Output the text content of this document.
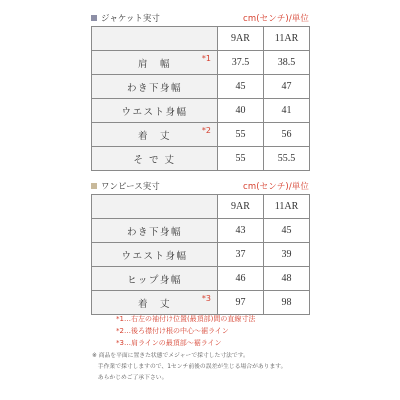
ジャケット実寸	cm(センチ)/単位
	9AR	11AR
肩　幅 *1	37.5	38.5
わき下身幅	45	47
ウエスト身幅	40	41
着　丈 *2	55	56
そ で 丈	55	55.5
ワンピース実寸	cm(センチ)/単位
	9AR	11AR
わき下身幅	43	45
ウエスト身幅	37	39
ヒップ身幅	46	48
着　丈 *3	97	98
*1…右左の袖付け位置(最頂部)間の直線寸法
*2…後ろ襟付け根の中心〜裾ライン
*3…肩ラインの最頂部〜裾ライン
※ 商品を平面に置きた状態でメジャーで採寸した寸法です。
　手作業で採寸しますので、1センチ前後の誤差が生じる場合があります。
　あらかじめご了承下さい。
